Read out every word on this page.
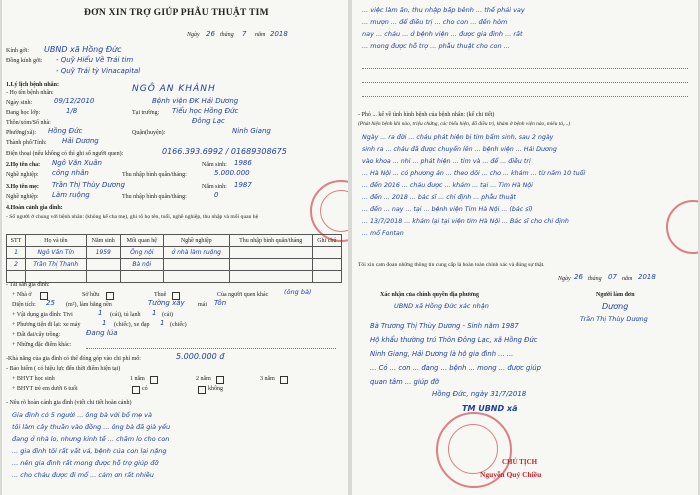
ĐƠN XIN TRỢ GIÚP PHẪU THUẬT TIM
Ngày 26 tháng 7 năm 2018
Kính gởi: UBND xã Hồng Đức
Đồng kính gởi: - Quỹ Hiểu Về Trái tim
- Quỹ Trái tỳ Vinacapital
1.Lý lịch bệnh nhân:
- Họ tên bệnh nhân:	NGÔ AN KHÁNH
Ngày sinh:	09/12/2010	Bệnh viện ĐK Hải Dương
Đang học lớp:	1/8	Tại trường: Tiểu học Hồng Đức
Thôn/xóm/Số nhà:	Đông Lạc
Phường(xã): Hồng Đức	Quận(huyện):	Ninh Giang
Thành phố/Tỉnh: Hải Dương
Điện thoại (nếu không có thì ghi số người quen):	0166.393.6992 / 01689308675
2.Họ tên cha: Ngô Văn Xuân	Năm sinh: 1986
Nghề nghiệp: công nhân	Thu nhập bình quân/tháng:	5.000.000
3.Họ tên mẹ: Trần Thị Thùy Dương	Năm sinh: 1987
Nghề nghiệp: Làm ruộng	Thu nhập bình quân/tháng:	0
4.Hoàn cảnh gia đình:
- Số người ở chung với bệnh nhân: (không kể cha mẹ), ghi rõ họ tên, tuổi, nghề nghiệp, thu nhập và mối quan hệ
STT	Họ và tên	Năm sinh	Mối quan hệ	Nghề nghiệp	Thu nhập bình quân/tháng	Ghi chú
1	Ngô Văn Tín	1959	Ông nội	ở nhà làm ruộng		
2	Trần Thị Thanh		Bà nội			

- Tài sản gia đình:
+ Nhà ở	Sở hữu	Thuê	Của người quen khác (ông bà)
Diện tích: 25 (m²), làm bằng nền	Tường xây mái Tôn
+ Vật dụng gia đình: Tivi	1 (cái), tủ lạnh 1 (cái)
+ Phương tiện đi lại: xe máy	1 (chiếc), xe đạp 1 (chiếc)
+ Đất đai/cây trồng:	Đang lúa
+ Những đặc điểm khác:
-Khả năng của gia đình có thể đóng góp vào chi phí mổ:	5.000.000 đ
- Bảo hiểm ( có hiệu lực đến thời điểm hiện tại)
+ BHYT học sinh	1 năm	2 năm	3 năm
+ BHYT trẻ em dưới 6 tuổi	có	không
- Nêu rõ hoàn cảnh gia đình (viết chi tiết hoàn cảnh)
Gia đình có 5 người ... ông bà với bố mẹ và
tôi làm cây thuần vào đồng ... ông bà đã già yếu
đang ở nhà lo, nhưng kinh tế ... chăm lo cho con
... gia đình tôi rất vất vả, bệnh của con lại nặng
... nên gia đình rất mong được hỗ trợ giúp đỡ
... cho cháu được đi mổ ... cảm ơn rất nhiều
... việc làm ăn, thu nhập bấp bênh ... thế phải vay
... mượn ... để điều trị ... cho con ... đến hôm
nay ... cháu ... ở bệnh viện ... được gia đình ... rất
... mong được hỗ trợ ... phẫu thuật cho con ...
- Phỏ ... kể về tình hình bệnh của bệnh nhân: (kể chi tiết)
(Phát hiện bệnh khi nào, triệu chứng, các biểu hiện, đã điều trị, khám ở bệnh viện nào, miêu tả,...)
Ngày ... ra đời ... cháu phát hiện bị tim bẩm sinh, sau 2 ngày
sinh ra ... cháu đã được chuyển lên ... bệnh viện ... Hải Dương
vào khoa ... nhi ... phát hiện ... tim và ... để ... điều trị
... Hà Nội ... có phương án ... theo dõi ... cho ... khám ... từ năm 10 tuổi
... đến 2016 ... cháu được ... khám ... tại ... Tim Hà Nội
... đến ... 2018 ... bác sĩ ... chỉ định ... phẫu thuật
... đến ... nay ... tại ... bệnh viện Tim Hà Nội ... (bác sĩ)
... 13/7/2018 ... khám lại tại viện tim Hà Nội ... Bác sĩ cho chỉ định
... mổ Fontan
Tôi xin cam đoan những thông tin cung cấp là hoàn toàn chính xác và đúng sự thật.
Ngày 26 tháng 07 năm 2018
Xác nhận của chính quyền địa phương	Người làm đơn
UBND xã Hồng Đức xác nhận	Dương
Trần Thị Thùy Dương
Bà Trương Thị Thùy Dương - Sinh năm 1987
Hộ khẩu thường trú Thôn Đông Lạc, xã Hồng Đức
Ninh Giang, Hải Dương là hộ gia đình ... ...
... Có ... con ... đang ... bệnh ... mong ... được giúp
quan tâm ... giúp đỡ
Hồng Đức, ngày 31/7/2018
TM UBND xã
CHỦ TỊCH
Nguyễn Quý Chiều
